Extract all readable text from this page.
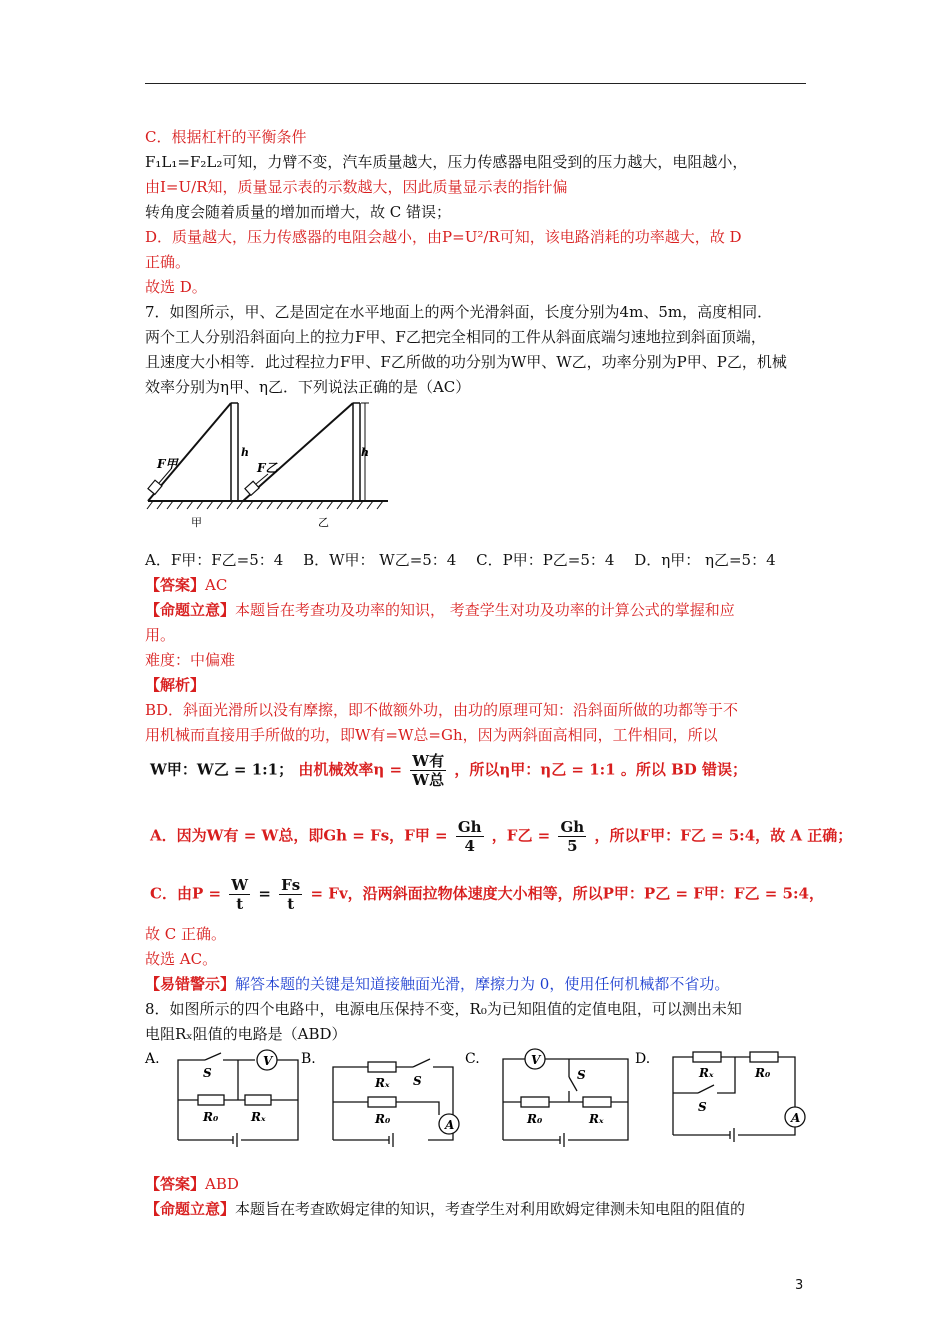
C．根据杠杆的平衡条件
F₁L₁=F₂L₂可知，力臂不变，汽车质量越大，压力传感器电阻受到的压力越大，电阻越小，
由I=U/R知，质量显示表的示数越大，因此质量显示表的指针偏
转角度会随着质量的增加而增大，故 C 错误；
D．质量越大，压力传感器的电阻会越小，由P=U²/R可知，该电路消耗的功率越大，故 D
正确。
故选 D。
7．如图所示，甲、乙是固定在水平地面上的两个光滑斜面，长度分别为4m、5m，高度相同．
两个工人分别沿斜面向上的拉力F甲、F乙把完全相同的工件从斜面底端匀速地拉到斜面顶端，
且速度大小相等．此过程拉力F甲、F乙所做的功分别为W甲、W乙，功率分别为P甲、P乙，机械
效率分别为η甲、η乙．下列说法正确的是（AC）
F甲
h
甲
F乙
h
乙
A．F甲：F乙=5：4　 B．W甲： W乙=5：4　 C．P甲：P乙=5：4　 D．η甲： η乙=5：4
【答案】AC
【命题立意】本题旨在考查功及功率的知识， 考查学生对功及功率的计算公式的掌握和应
用。
难度：中偏难
【解析】
BD．斜面光滑所以没有摩擦，即不做额外功，由功的原理可知：沿斜面所做的功都等于不
用机械而直接用手所做的功，即W有=W总=Gh，因为两斜面高相同，工件相同，所以
W甲：W乙 = 1:1； 由机械效率$\eta = \frac{\text{W有}}{\text{W总}}$ ，所以η甲：η乙 = 1:1 。所以 BD 错误；
A．因为W有 = W总，即Gh = Fs，F甲 = $\frac{Gh}{4}$ ，F乙 = $\frac{Gh}{5}$ ，所以F甲：F乙 = 5:4，故 A 正确；
C．由$P = \frac{W}{t} = \frac{Fs}{t} = Fv$，沿两斜面拉物体速度大小相等，所以P甲：P乙 = F甲：F乙 = 5:4，
故 C 正确。
故选 AC。
【易错警示】解答本题的关键是知道接触面光滑，摩擦力为 0，使用任何机械都不省功。
8．如图所示的四个电路中，电源电压保持不变，R₀为已知阻值的定值电阻，可以测出未知
电阻Rₓ阻值的电路是（ABD）
A.	B.	C.	D.
V
S
R₀	Rₓ
Rₓ S
R₀	A
V
S
R₀	Rₓ
Rₓ	R₀
S
A
【答案】ABD
【命题立意】本题旨在考查欧姆定律的知识，考查学生对利用欧姆定律测未知电阻的阻值的
3
